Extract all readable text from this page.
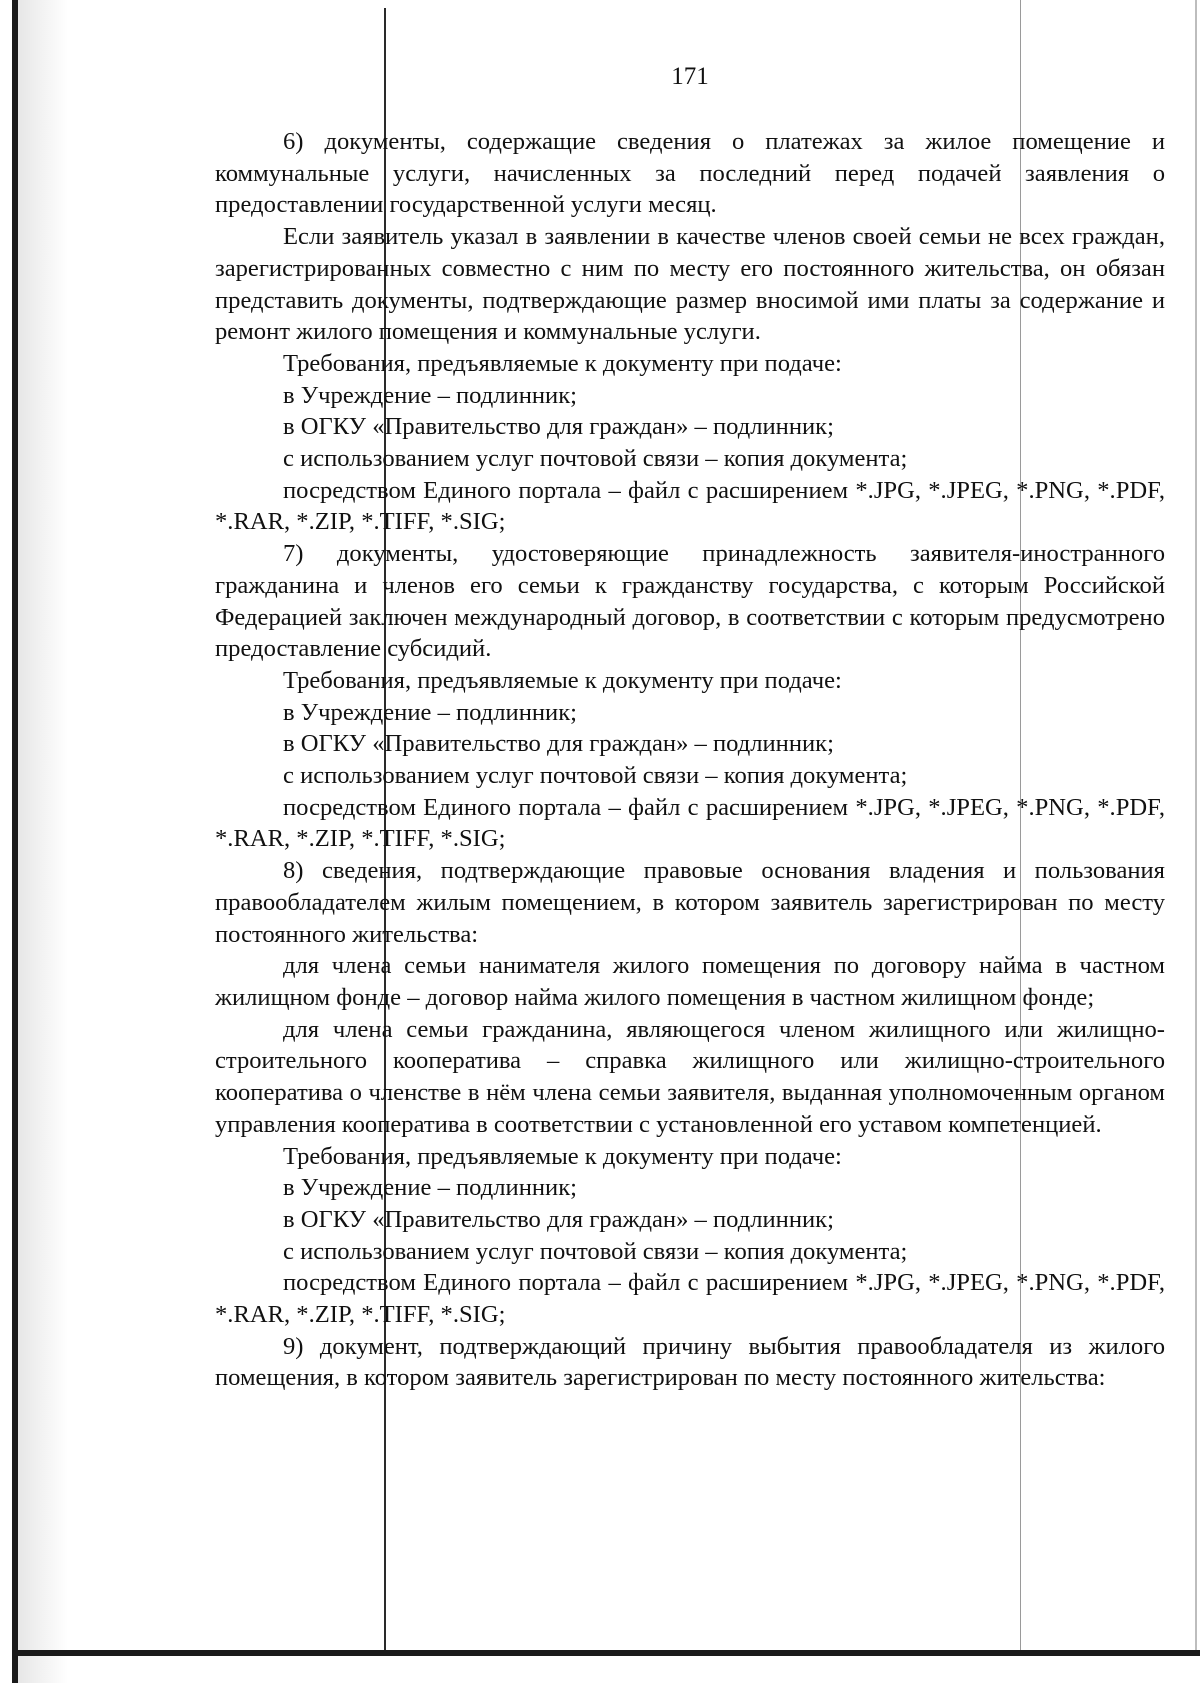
171

6) документы, содержащие сведения о платежах за жилое помещение и коммунальные услуги, начисленных за последний перед подачей заявления о предоставлении государственной услуги месяц.

Если заявитель указал в заявлении в качестве членов своей семьи не всех граждан, зарегистрированных совместно с ним по месту его постоянного жительства, он обязан представить документы, подтверждающие размер вносимой ими платы за содержание и ремонт жилого помещения и коммунальные услуги.

Требования, предъявляемые к документу при подаче:

в Учреждение – подлинник;

в ОГКУ «Правительство для граждан» – подлинник;

с использованием услуг почтовой связи – копия документа;

посредством Единого портала – файл с расширением *.JPG, *.JPEG, *.PNG, *.PDF, *.RAR, *.ZIP, *.TIFF, *.SIG;

7) документы, удостоверяющие принадлежность заявителя-иностранного гражданина и членов его семьи к гражданству государства, с которым Российской Федерацией заключен международный договор, в соответствии с которым предусмотрено предоставление субсидий.

Требования, предъявляемые к документу при подаче:

в Учреждение – подлинник;

в ОГКУ «Правительство для граждан» – подлинник;

с использованием услуг почтовой связи – копия документа;

посредством Единого портала – файл с расширением *.JPG, *.JPEG, *.PNG, *.PDF, *.RAR, *.ZIP, *.TIFF, *.SIG;

8) сведения, подтверждающие правовые основания владения и пользования правообладателем жилым помещением, в котором заявитель зарегистрирован по месту постоянного жительства:

для члена семьи нанимателя жилого помещения по договору найма в частном жилищном фонде – договор найма жилого помещения в частном жилищном фонде;

для члена семьи гражданина, являющегося членом жилищного или жилищно-строительного кооператива – справка жилищного или жилищно-строительного кооператива о членстве в нём члена семьи заявителя, выданная уполномоченным органом управления кооператива в соответствии с установленной его уставом компетенцией.

Требования, предъявляемые к документу при подаче:

в Учреждение – подлинник;

в ОГКУ «Правительство для граждан» – подлинник;

с использованием услуг почтовой связи – копия документа;

посредством Единого портала – файл с расширением *.JPG, *.JPEG, *.PNG, *.PDF, *.RAR, *.ZIP, *.TIFF, *.SIG;

9) документ, подтверждающий причину выбытия правообладателя из жилого помещения, в котором заявитель зарегистрирован по месту постоянного жительства:
